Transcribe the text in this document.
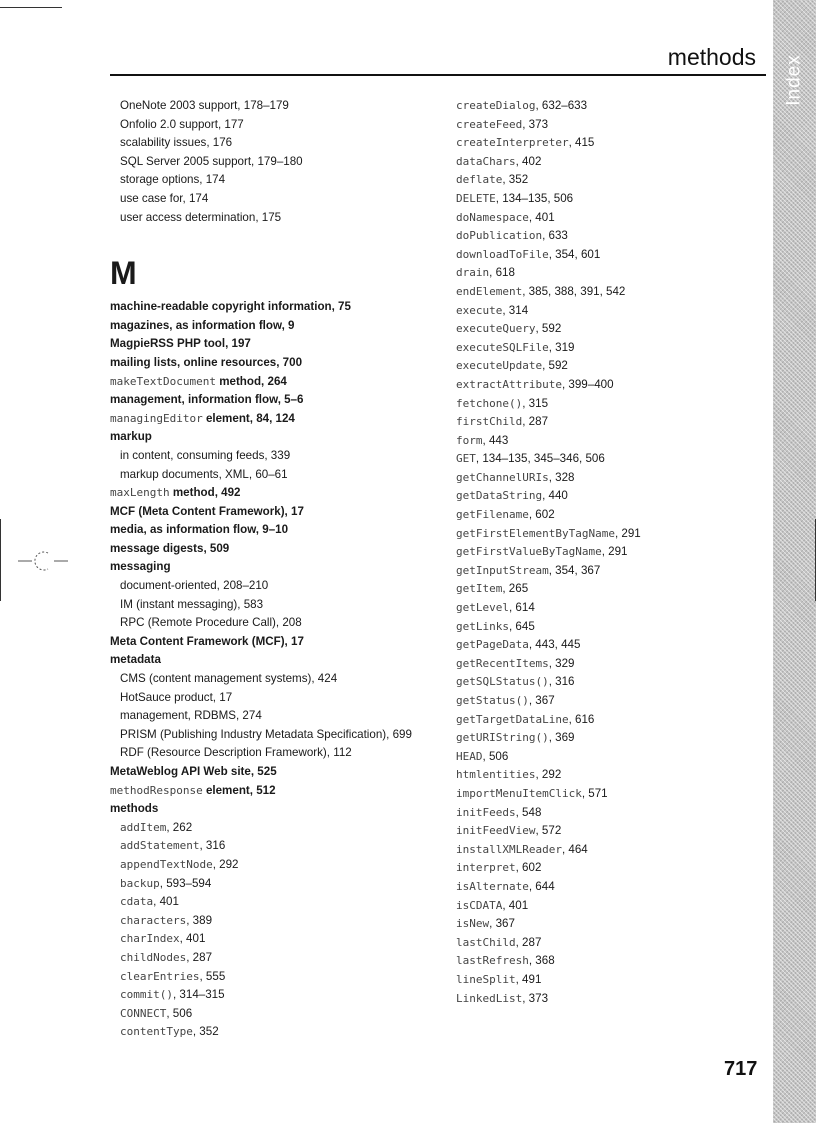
Index
methods
OneNote 2003 support, 178–179
Onfolio 2.0 support, 177
scalability issues, 176
SQL Server 2005 support, 179–180
storage options, 174
use case for, 174
user access determination, 175
M
machine-readable copyright information, 75
magazines, as information flow, 9
MagpieRSS PHP tool, 197
mailing lists, online resources, 700
makeTextDocument method, 264
management, information flow, 5–6
managingEditor element, 84, 124
markup
in content, consuming feeds, 339
markup documents, XML, 60–61
maxLength method, 492
MCF (Meta Content Framework), 17
media, as information flow, 9–10
message digests, 509
messaging
document-oriented, 208–210
IM (instant messaging), 583
RPC (Remote Procedure Call), 208
Meta Content Framework (MCF), 17
metadata
CMS (content management systems), 424
HotSauce product, 17
management, RDBMS, 274
PRISM (Publishing Industry Metadata Specification), 699
RDF (Resource Description Framework), 112
MetaWeblog API Web site, 525
methodResponse element, 512
methods
addItem, 262
addStatement, 316
appendTextNode, 292
backup, 593–594
cdata, 401
characters, 389
charIndex, 401
childNodes, 287
clearEntries, 555
commit(), 314–315
CONNECT, 506
contentType, 352
createDialog, 632–633
createFeed, 373
createInterpreter, 415
dataChars, 402
deflate, 352
DELETE, 134–135, 506
doNamespace, 401
doPublication, 633
downloadToFile, 354, 601
drain, 618
endElement, 385, 388, 391, 542
execute, 314
executeQuery, 592
executeSQLFile, 319
executeUpdate, 592
extractAttribute, 399–400
fetchone(), 315
firstChild, 287
form, 443
GET, 134–135, 345–346, 506
getChannelURIs, 328
getDataString, 440
getFilename, 602
getFirstElementByTagName, 291
getFirstValueByTagName, 291
getInputStream, 354, 367
getItem, 265
getLevel, 614
getLinks, 645
getPageData, 443, 445
getRecentItems, 329
getSQLStatus(), 316
getStatus(), 367
getTargetDataLine, 616
getURIString(), 369
HEAD, 506
htmlentities, 292
importMenuItemClick, 571
initFeeds, 548
initFeedView, 572
installXMLReader, 464
interpret, 602
isAlternate, 644
isCDATA, 401
isNew, 367
lastChild, 287
lastRefresh, 368
lineSplit, 491
LinkedList, 373
717
